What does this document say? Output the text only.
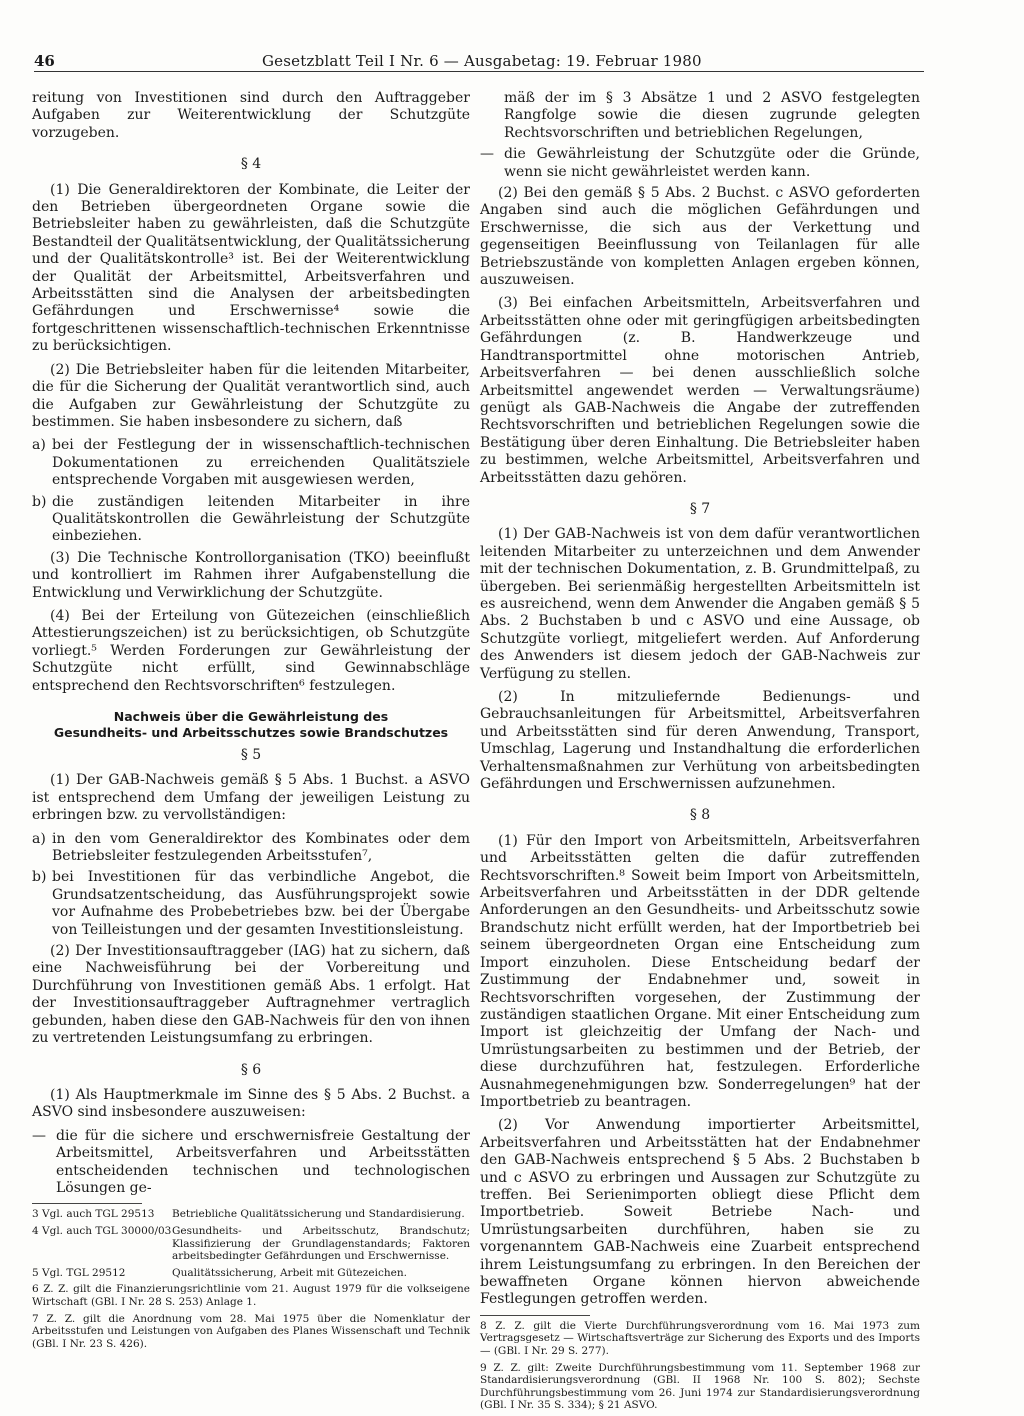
46	Gesetzblatt Teil I Nr. 6 — Ausgabetag: 19. Februar 1980

reitung von Investitionen sind durch den Auftraggeber Aufgaben zur Weiterentwicklung der Schutzgüte vorzugeben.

§ 4

(1) Die Generaldirektoren der Kombinate, die Leiter der den Betrieben übergeordneten Organe sowie die Betriebsleiter haben zu gewährleisten, daß die Schutzgüte Bestandteil der Qualitätsentwicklung, der Qualitätssicherung und der Qualitätskontrolle³ ist. Bei der Weiterentwicklung der Qualität der Arbeitsmittel, Arbeitsverfahren und Arbeitsstätten sind die Analysen der arbeitsbedingten Gefährdungen und Erschwernisse⁴ sowie die fortgeschrittenen wissenschaftlich-technischen Erkenntnisse zu berücksichtigen.

(2) Die Betriebsleiter haben für die leitenden Mitarbeiter, die für die Sicherung der Qualität verantwortlich sind, auch die Aufgaben zur Gewährleistung der Schutzgüte zu bestimmen. Sie haben insbesondere zu sichern, daß

a) bei der Festlegung der in wissenschaftlich-technischen Dokumentationen zu erreichenden Qualitätsziele entsprechende Vorgaben mit ausgewiesen werden,
b) die zuständigen leitenden Mitarbeiter in ihre Qualitätskontrollen die Gewährleistung der Schutzgüte einbeziehen.

(3) Die Technische Kontrollorganisation (TKO) beeinflußt und kontrolliert im Rahmen ihrer Aufgabenstellung die Entwicklung und Verwirklichung der Schutzgüte.

(4) Bei der Erteilung von Gütezeichen (einschließlich Attestierungszeichen) ist zu berücksichtigen, ob Schutzgüte vorliegt.⁵ Werden Forderungen zur Gewährleistung der Schutzgüte nicht erfüllt, sind Gewinnabschläge entsprechend den Rechtsvorschriften⁶ festzulegen.

Nachweis über die Gewährleistung des
Gesundheits- und Arbeitsschutzes sowie Brandschutzes
§ 5

(1) Der GAB-Nachweis gemäß § 5 Abs. 1 Buchst. a ASVO ist entsprechend dem Umfang der jeweiligen Leistung zu erbringen bzw. zu vervollständigen:

a) in den vom Generaldirektor des Kombinates oder dem Betriebsleiter festzulegenden Arbeitsstufen⁷,
b) bei Investitionen für das verbindliche Angebot, die Grundsatzentscheidung, das Ausführungsprojekt sowie vor Aufnahme des Probebetriebes bzw. bei der Übergabe von Teilleistungen und der gesamten Investitionsleistung.

(2) Der Investitionsauftraggeber (IAG) hat zu sichern, daß eine Nachweisführung bei der Vorbereitung und Durchführung von Investitionen gemäß Abs. 1 erfolgt. Hat der Investitionsauftraggeber Auftragnehmer vertraglich gebunden, haben diese den GAB-Nachweis für den von ihnen zu vertretenden Leistungsumfang zu erbringen.

§ 6

(1) Als Hauptmerkmale im Sinne des § 5 Abs. 2 Buchst. a ASVO sind insbesondere auszuweisen:

— die für die sichere und erschwernisfreie Gestaltung der Arbeitsmittel, Arbeitsverfahren und Arbeitsstätten entscheidenden technischen und technologischen Lösungen ge-
3 Vgl. auch TGL 29513	Betriebliche Qualitätssicherung und Standardisierung.
4 Vgl. auch TGL 30000/03 Gesundheits- und Arbeitsschutz, Brandschutz; Klassifizierung der Grundlagenstandards; Faktoren arbeitsbedingter Gefährdungen und Erschwernisse.
5 Vgl. TGL 29512	Qualitätssicherung, Arbeit mit Gütezeichen.

6 Z. Z. gilt die Finanzierungsrichtlinie vom 21. August 1979 für die volkseigene Wirtschaft (GBl. I Nr. 28 S. 253) Anlage 1.

7 Z. Z. gilt die Anordnung vom 28. Mai 1975 über die Nomenklatur der Arbeitsstufen und Leistungen von Aufgaben des Planes Wissenschaft und Technik (GBl. I Nr. 23 S. 426).

mäß der im § 3 Absätze 1 und 2 ASVO festgelegten Rangfolge sowie die diesen zugrunde gelegten Rechtsvorschriften und betrieblichen Regelungen,
— die Gewährleistung der Schutzgüte oder die Gründe, wenn sie nicht gewährleistet werden kann.

(2) Bei den gemäß § 5 Abs. 2 Buchst. c ASVO geforderten Angaben sind auch die möglichen Gefährdungen und Erschwernisse, die sich aus der Verkettung und gegenseitigen Beeinflussung von Teilanlagen für alle Betriebszustände von kompletten Anlagen ergeben können, auszuweisen.

(3) Bei einfachen Arbeitsmitteln, Arbeitsverfahren und Arbeitsstätten ohne oder mit geringfügigen arbeitsbedingten Gefährdungen (z. B. Handwerkzeuge und Handtransportmittel ohne motorischen Antrieb, Arbeitsverfahren — bei denen ausschließlich solche Arbeitsmittel angewendet werden — Verwaltungsräume) genügt als GAB-Nachweis die Angabe der zutreffenden Rechtsvorschriften und betrieblichen Regelungen sowie die Bestätigung über deren Einhaltung. Die Betriebsleiter haben zu bestimmen, welche Arbeitsmittel, Arbeitsverfahren und Arbeitsstätten dazu gehören.

§ 7

(1) Der GAB-Nachweis ist von dem dafür verantwortlichen leitenden Mitarbeiter zu unterzeichnen und dem Anwender mit der technischen Dokumentation, z. B. Grundmittelpaß, zu übergeben. Bei serienmäßig hergestellten Arbeitsmitteln ist es ausreichend, wenn dem Anwender die Angaben gemäß § 5 Abs. 2 Buchstaben b und c ASVO und eine Aussage, ob Schutzgüte vorliegt, mitgeliefert werden. Auf Anforderung des Anwenders ist diesem jedoch der GAB-Nachweis zur Verfügung zu stellen.

(2) In mitzuliefernde Bedienungs- und Gebrauchsanleitungen für Arbeitsmittel, Arbeitsverfahren und Arbeitsstätten sind für deren Anwendung, Transport, Umschlag, Lagerung und Instandhaltung die erforderlichen Verhaltensmaßnahmen zur Verhütung von arbeitsbedingten Gefährdungen und Erschwernissen aufzunehmen.

§ 8

(1) Für den Import von Arbeitsmitteln, Arbeitsverfahren und Arbeitsstätten gelten die dafür zutreffenden Rechtsvorschriften.⁸ Soweit beim Import von Arbeitsmitteln, Arbeitsverfahren und Arbeitsstätten in der DDR geltende Anforderungen an den Gesundheits- und Arbeitsschutz sowie Brandschutz nicht erfüllt werden, hat der Importbetrieb bei seinem übergeordneten Organ eine Entscheidung zum Import einzuholen. Diese Entscheidung bedarf der Zustimmung der Endabnehmer und, soweit in Rechtsvorschriften vorgesehen, der Zustimmung der zuständigen staatlichen Organe. Mit einer Entscheidung zum Import ist gleichzeitig der Umfang der Nach- und Umrüstungsarbeiten zu bestimmen und der Betrieb, der diese durchzuführen hat, festzulegen. Erforderliche Ausnahmegenehmigungen bzw. Sonderregelungen⁹ hat der Importbetrieb zu beantragen.

(2) Vor Anwendung importierter Arbeitsmittel, Arbeitsverfahren und Arbeitsstätten hat der Endabnehmer den GAB-Nachweis entsprechend § 5 Abs. 2 Buchstaben b und c ASVO zu erbringen und Aussagen zur Schutzgüte zu treffen. Bei Serienimporten obliegt diese Pflicht dem Importbetrieb. Soweit Betriebe Nach- und Umrüstungsarbeiten durchführen, haben sie zu vorgenanntem GAB-Nachweis eine Zuarbeit entsprechend ihrem Leistungsumfang zu erbringen. In den Bereichen der bewaffneten Organe können hiervon abweichende Festlegungen getroffen werden.

8 Z. Z. gilt die Vierte Durchführungsverordnung vom 16. Mai 1973 zum Vertragsgesetz — Wirtschaftsverträge zur Sicherung des Exports und des Imports — (GBl. I Nr. 29 S. 277).

9 Z. Z. gilt: Zweite Durchführungsbestimmung vom 11. September 1968 zur Standardisierungsverordnung (GBl. II 1968 Nr. 100 S. 802); Sechste Durchführungsbestimmung vom 26. Juni 1974 zur Standardisierungsverordnung (GBl. I Nr. 35 S. 334); § 21 ASVO.
